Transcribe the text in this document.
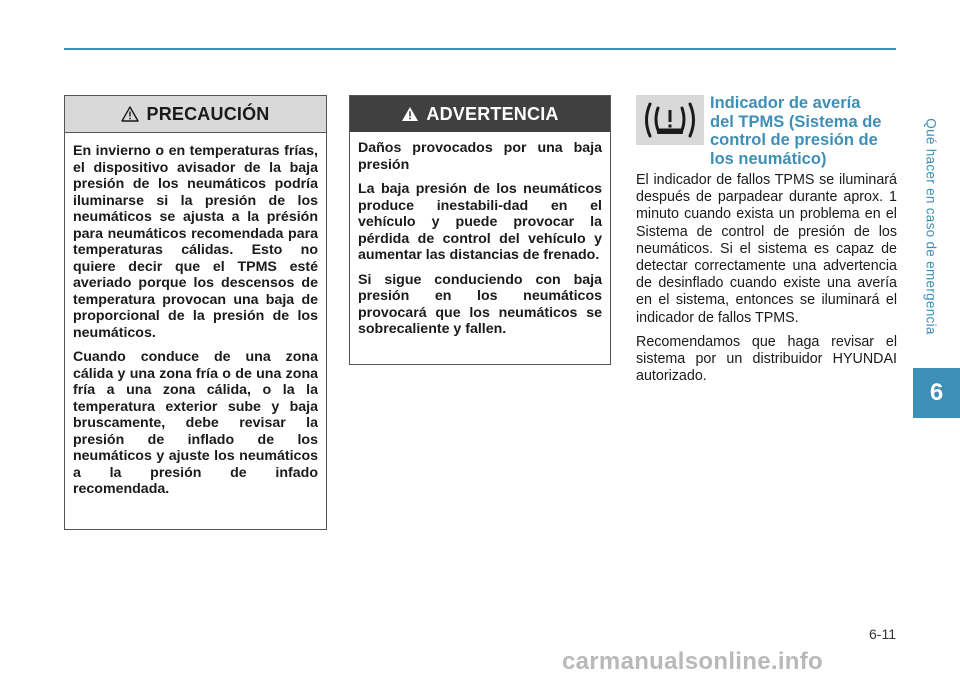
PRECAUCIÓN

En invierno o en temperaturas frías, el dispositivo avisador de la baja presión de los neumáticos podría iluminarse si la presión de los neumáticos se ajusta a la présión para neumáticos recomendada para temperaturas cálidas. Esto no quiere decir que el TPMS esté averiado porque los descensos de temperatura provocan una baja de proporcional de la presión de los neumáticos.

Cuando conduce de una zona cálida y una zona fría o de una zona fría a una zona cálida, o la la temperatura exterior sube y baja bruscamente, debe revisar la presión de inflado de los neumáticos y ajuste los neumáticos a la presión de infado recomendada.

ADVERTENCIA

Daños provocados por una baja presión

La baja presión de los neumáticos produce inestabili-dad en el vehículo y puede provocar la pérdida de control del vehículo y aumentar las distancias de frenado.

Si sigue conduciendo con baja presión en los neumáticos provocará que los neumáticos se sobrecaliente y fallen.

Indicador de avería
del TPMS (Sistema de
control de presión de
los neumático)

El indicador de fallos TPMS se iluminará después de parpadear durante aprox. 1 minuto cuando exista un problema en el Sistema de control de presión de los neumáticos. Si el sistema es capaz de detectar correctamente una advertencia de desinflado cuando existe una avería en el sistema, entonces se iluminará el indicador de fallos TPMS.

Recomendamos que haga revisar el sistema por un distribuidor HYUNDAI autorizado.

Qué hacer en caso de emergencia
6
6-11
carmanualsonline.info
